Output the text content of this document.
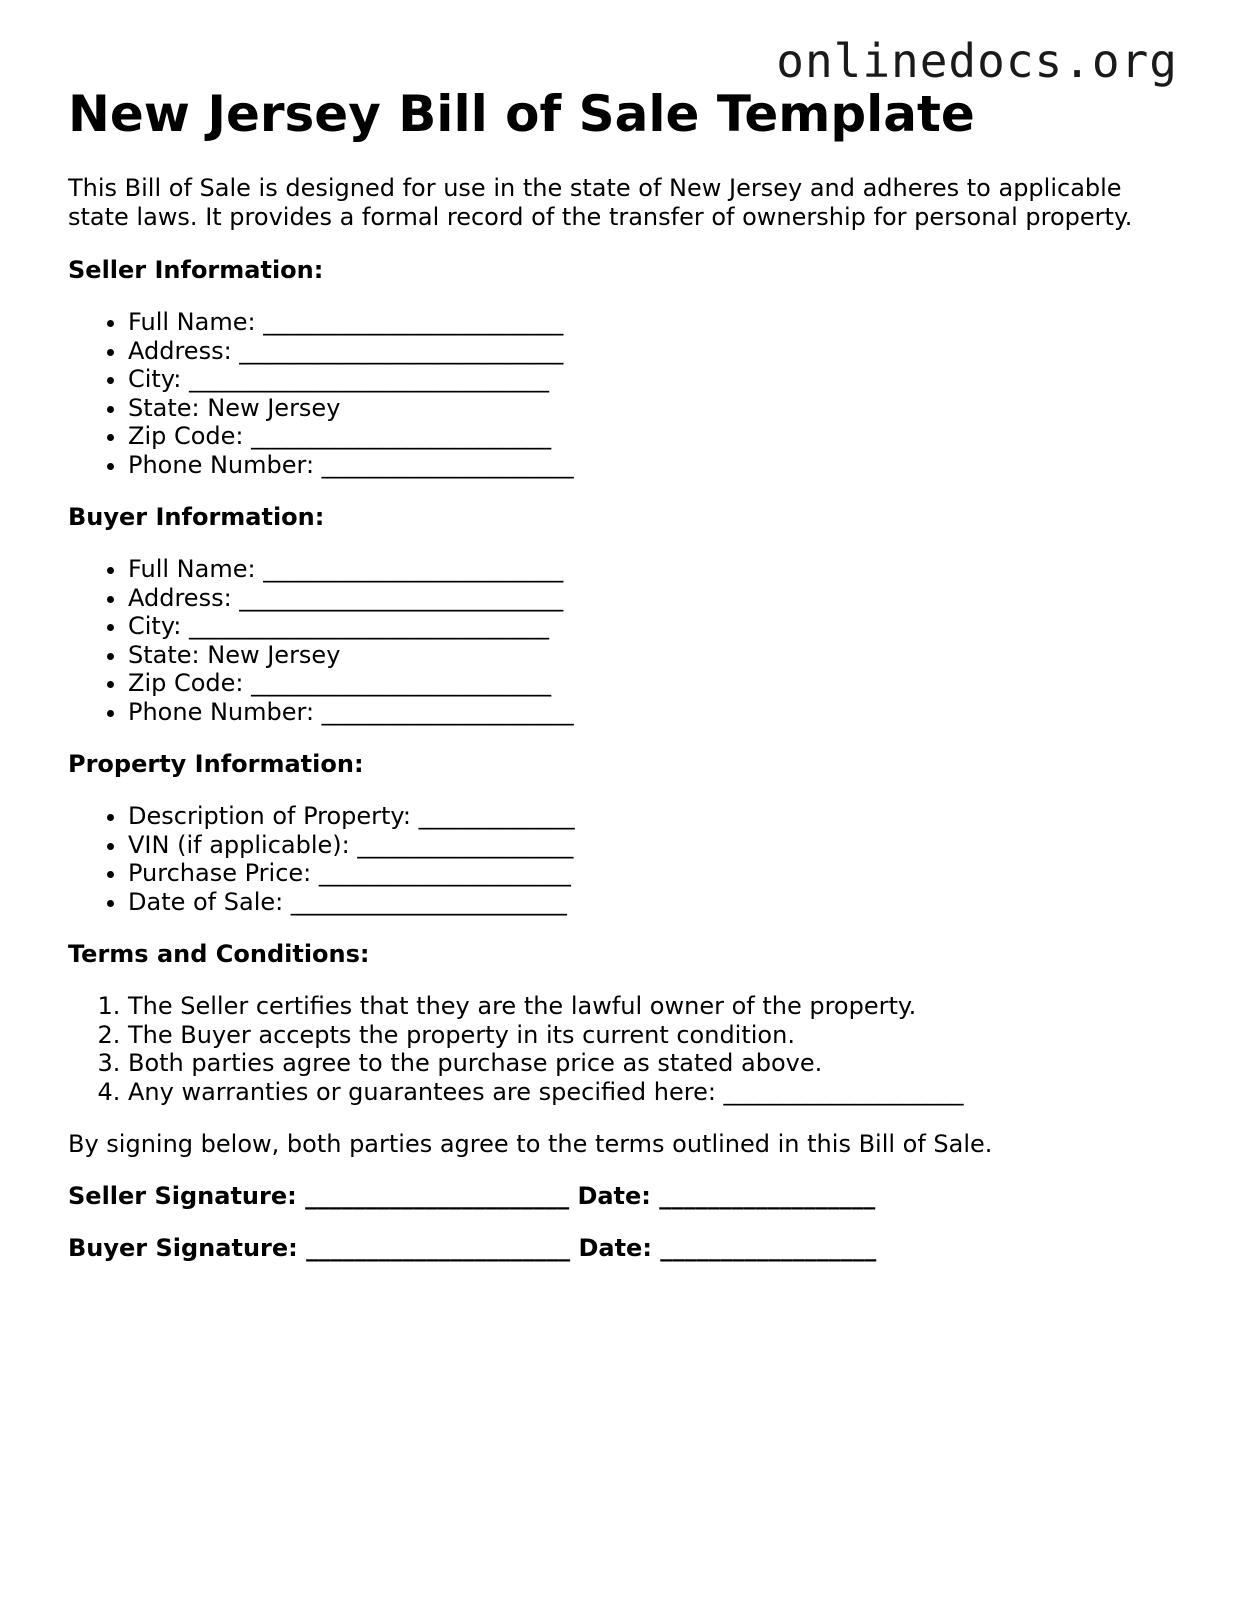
onlinedocs.org
New Jersey Bill of Sale Template

This Bill of Sale is designed for use in the state of New Jersey and adheres to applicable state laws. It provides a formal record of the transfer of ownership for personal property.

Seller Information:
• Full Name: _________________________
• Address: ___________________________
• City: ______________________________
• State: New Jersey
• Zip Code: _________________________
• Phone Number: _____________________
Buyer Information:
• Full Name: _________________________
• Address: ___________________________
• City: ______________________________
• State: New Jersey
• Zip Code: _________________________
• Phone Number: _____________________
Property Information:
• Description of Property: _____________
• VIN (if applicable): __________________
• Purchase Price: _____________________
• Date of Sale: _______________________
Terms and Conditions:
1. The Seller certifies that they are the lawful owner of the property.
2. The Buyer accepts the property in its current condition.
3. Both parties agree to the purchase price as stated above.
4. Any warranties or guarantees are specified here: ____________________

By signing below, both parties agree to the terms outlined in this Bill of Sale.

Seller Signature: ______________________ Date: __________________

Buyer Signature: ______________________ Date: __________________
